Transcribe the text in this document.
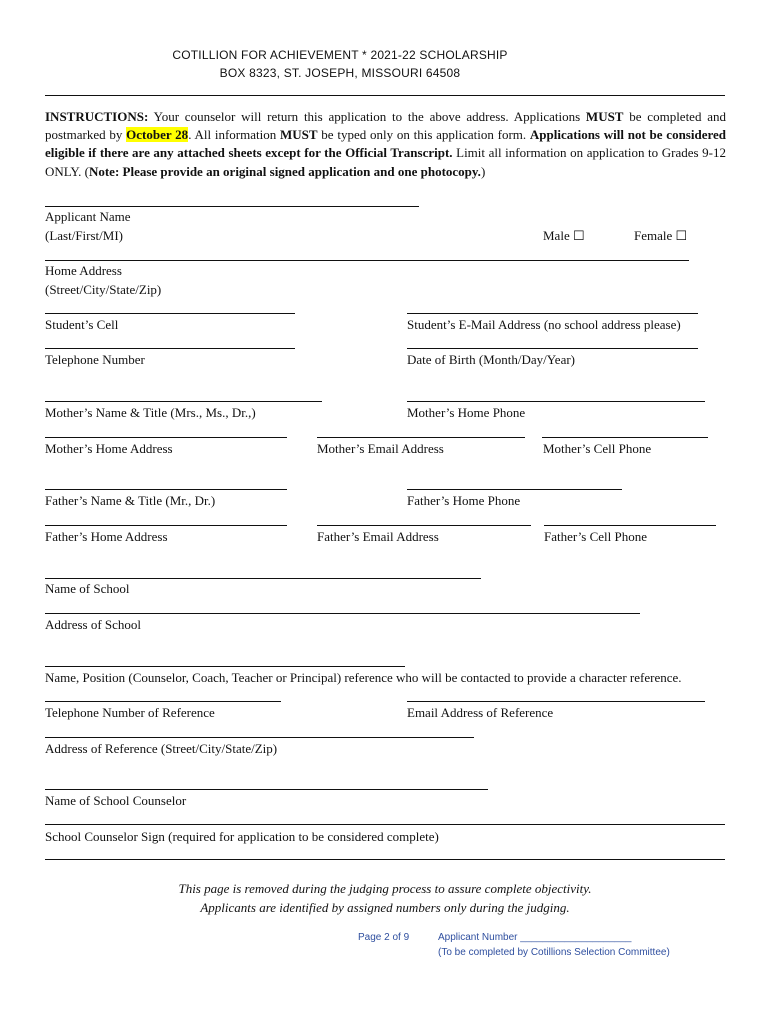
COTILLION FOR ACHIEVEMENT * 2021-22 SCHOLARSHIP
BOX 8323, ST. JOSEPH, MISSOURI 64508
INSTRUCTIONS: Your counselor will return this application to the above address. Applications MUST be completed and postmarked by October 28. All information MUST be typed only on this application form. Applications will not be considered eligible if there are any attached sheets except for the Official Transcript. Limit all information on application to Grades 9-12 ONLY. (Note: Please provide an original signed application and one photocopy.)
Applicant Name
(Last/First/MI)	Male ☐	Female ☐
Home Address
(Street/City/State/Zip)
Student’s Cell	Student’s E-Mail Address (no school address please)
Telephone Number	Date of Birth (Month/Day/Year)
Mother’s Name & Title (Mrs., Ms., Dr.,)	Mother’s Home Phone
Mother’s Home Address	Mother’s Email Address	Mother’s Cell Phone
Father’s Name & Title (Mr., Dr.)	Father’s Home Phone
Father’s Home Address	Father’s Email Address	Father’s Cell Phone
Name of School
Address of School
Name, Position (Counselor, Coach, Teacher or Principal) reference who will be contacted to provide a character reference.
Telephone Number of Reference	Email Address of Reference
Address of Reference (Street/City/State/Zip)
Name of School Counselor
School Counselor Sign (required for application to be considered complete)
This page is removed during the judging process to assure complete objectivity.
Applicants are identified by assigned numbers only during the judging.
Page 2 of 9	Applicant Number ____________________
(To be completed by Cotillions Selection Committee)
